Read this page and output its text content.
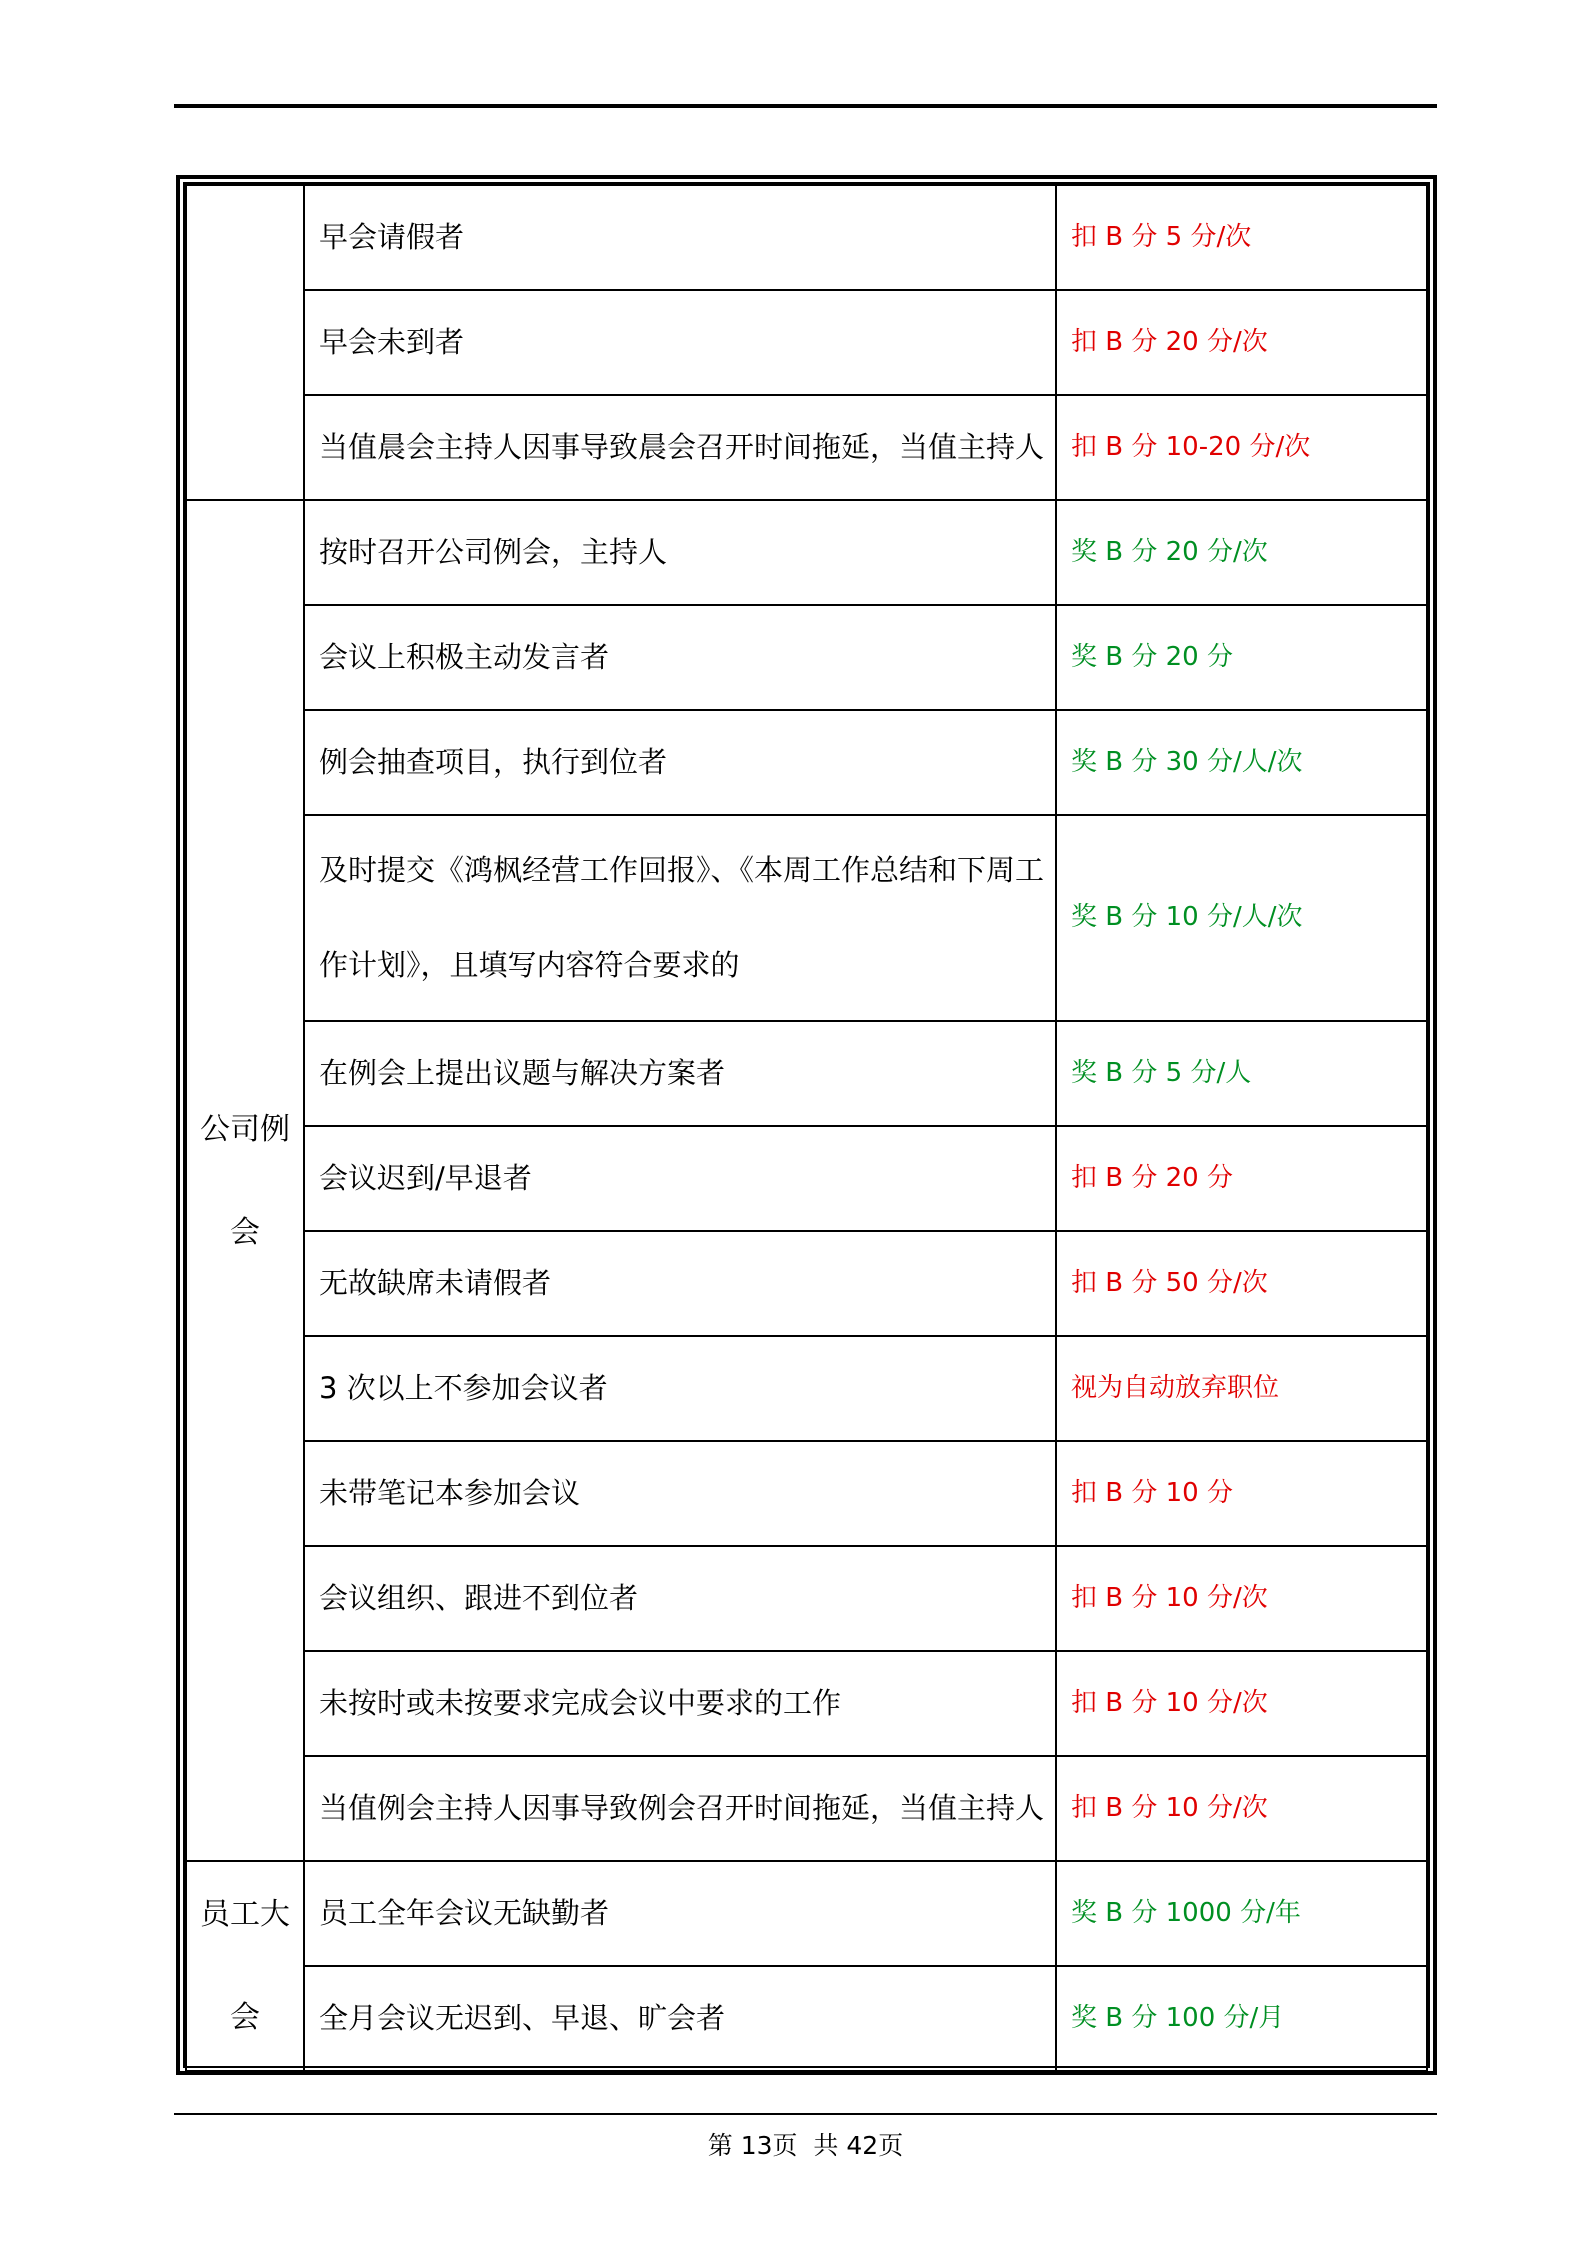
	早会请假者	扣 B 分 5 分/次
	早会未到者	扣 B 分 20 分/次
	当值晨会主持人因事导致晨会召开时间拖延，当值主持人	扣 B 分 10-20 分/次
公司例会	按时召开公司例会，主持人	奖 B 分 20 分/次
	会议上积极主动发言者	奖 B 分 20 分
	例会抽查项目，执行到位者	奖 B 分 30 分/人/次
	及时提交《鸿枫经营工作回报》、《本周工作总结和下周工作计划》，且填写内容符合要求的	奖 B 分 10 分/人/次
	在例会上提出议题与解决方案者	奖 B 分 5 分/人
	会议迟到/早退者	扣 B 分 20 分
	无故缺席未请假者	扣 B 分 50 分/次
	3 次以上不参加会议者	视为自动放弃职位
	未带笔记本参加会议	扣 B 分 10 分
	会议组织、跟进不到位者	扣 B 分 10 分/次
	未按时或未按要求完成会议中要求的工作	扣 B 分 10 分/次
	当值例会主持人因事导致例会召开时间拖延，当值主持人	扣 B 分 10 分/次
员工大会	员工全年会议无缺勤者	奖 B 分 1000 分/年
	全月会议无迟到、早退、旷会者	奖 B 分 100 分/月
第 13页  共 42页
